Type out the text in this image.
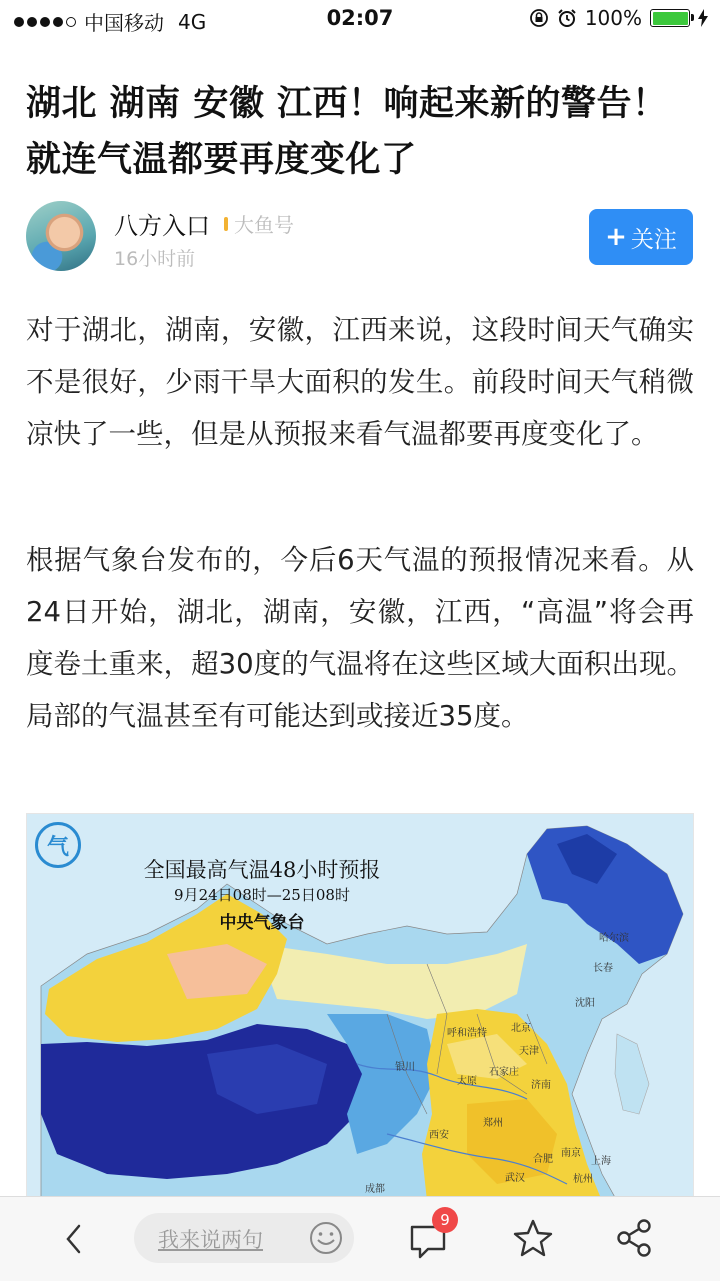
中国移动 4G	02:07	100%
湖北 湖南 安徽 江西！响起来新的警告！就连气温都要再度变化了
八方入口 大鱼号
16小时前
+ 关注

对于湖北，湖南，安徽，江西来说，这段时间天气确实不是很好，少雨干旱大面积的发生。前段时间天气稍微凉快了一些，但是从预报来看气温都要再度变化了。

根据气象台发布的，今后6天气温的预报情况来看。从24日开始，湖北，湖南，安徽，江西，“高温”将会再度卷土重来，超30度的气温将在这些区域大面积出现。局部的气温甚至有可能达到或接近35度。

气
全国最高气温48小时预报
9月24日08时—25日08时
中央气象台
哈尔滨
长春
沈阳
北京
天津
呼和浩特
石家庄
太原	济南
银川
郑州
西安
合肥
南京
上海
武汉	杭州
成都
我来说两句
9
